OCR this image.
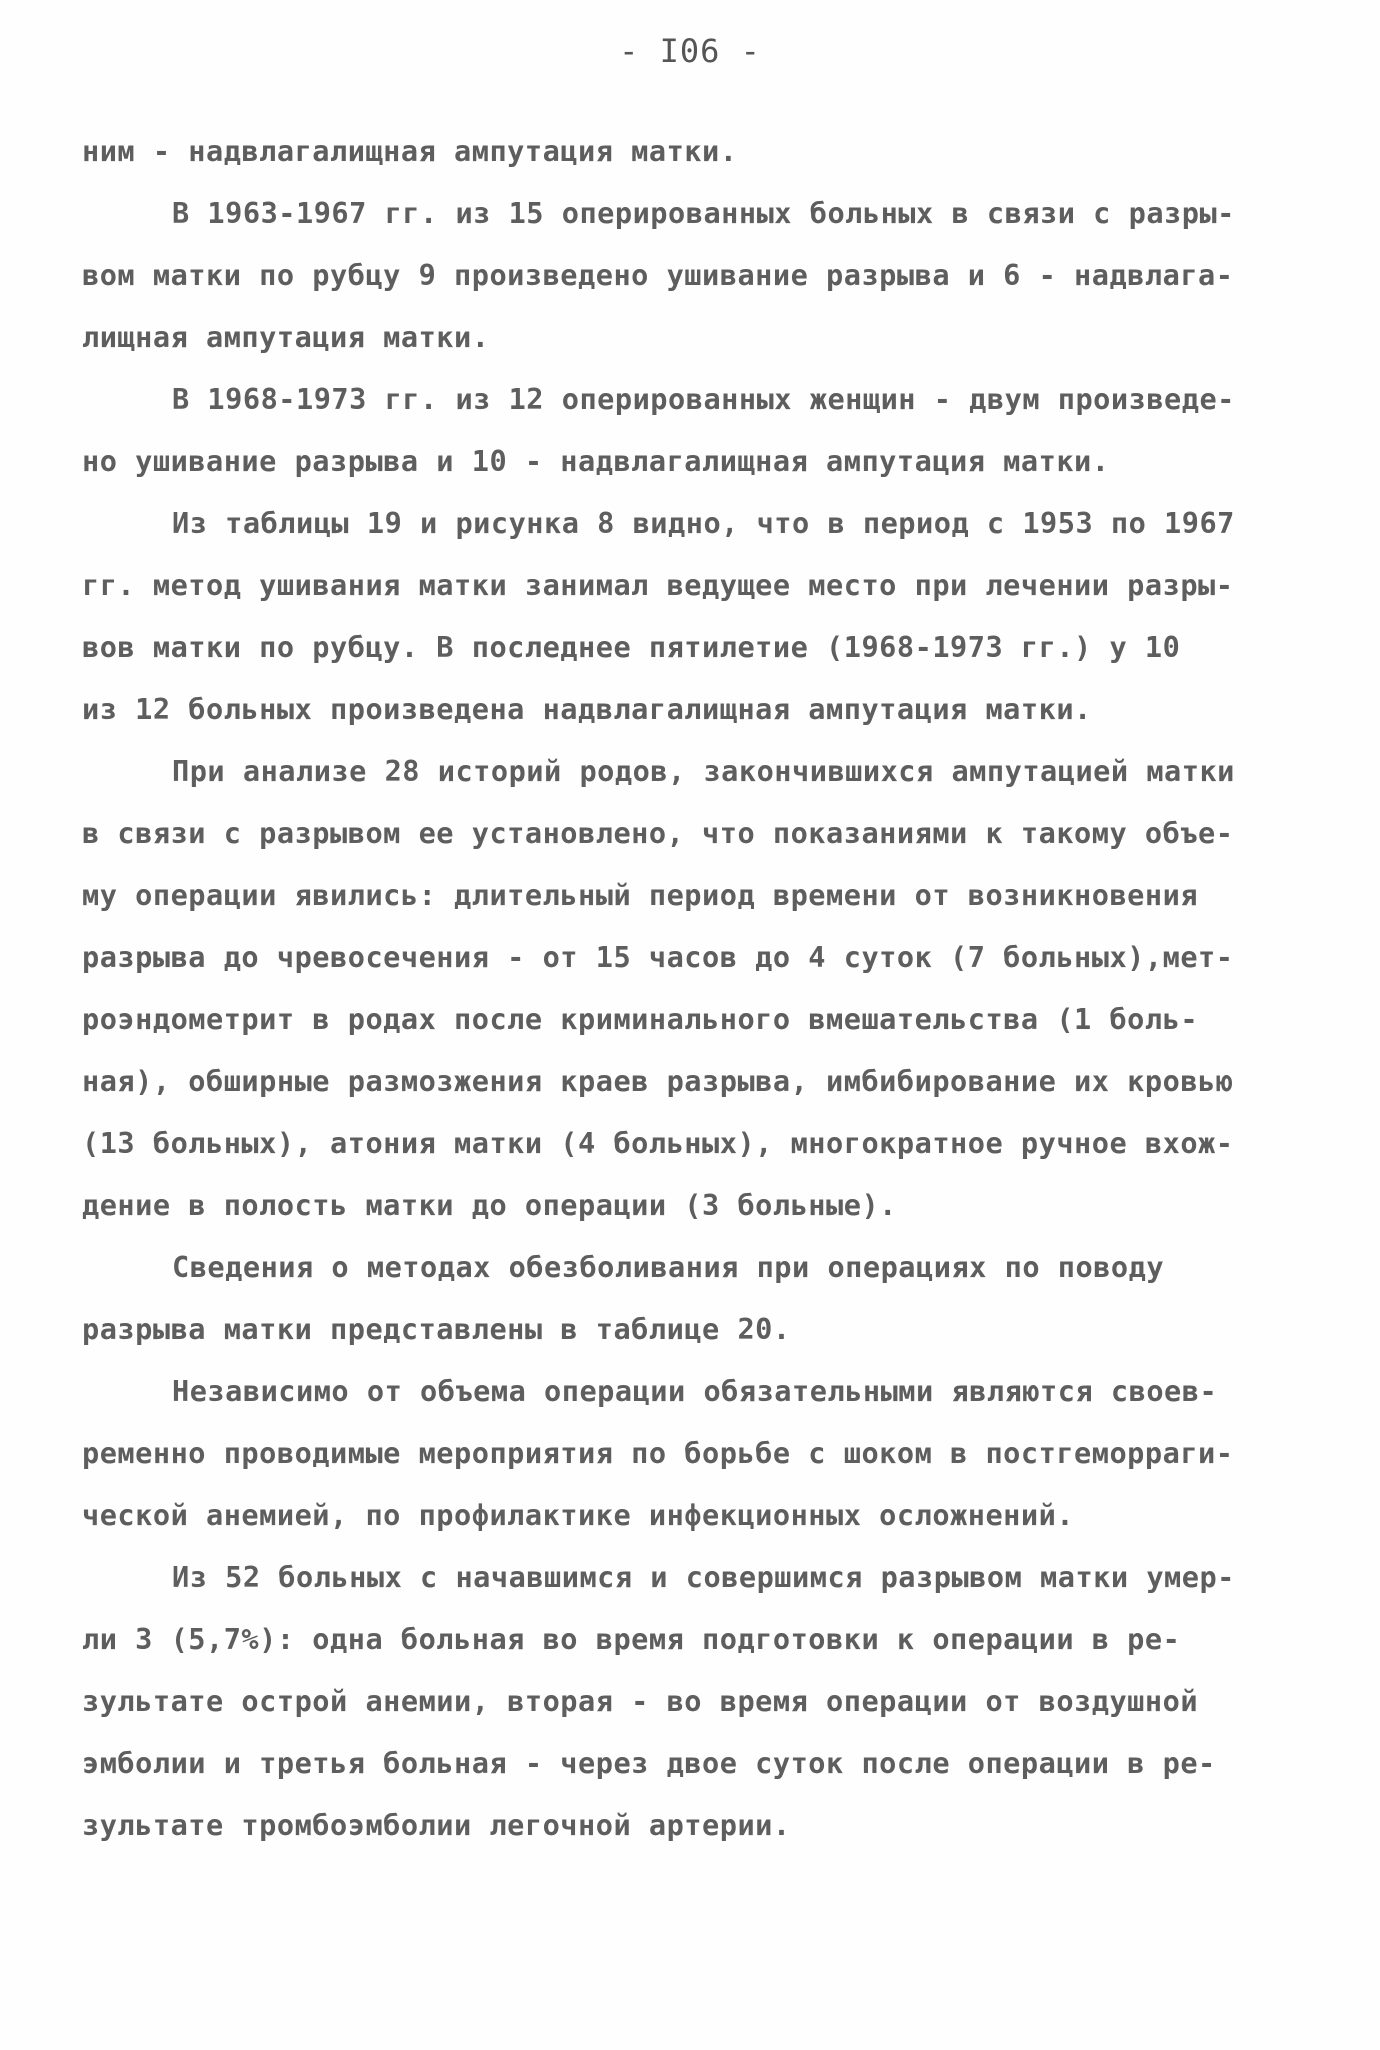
- I06 -
ним - надвлагалищная ампутация матки.
В 1963-1967 гг. из 15 оперированных больных в связи с разры-
вом матки по рубцу 9 произведено ушивание разрыва и 6 - надвлага-
лищная ампутация матки.
В 1968-1973 гг. из 12 оперированных женщин - двум произведе-
но ушивание разрыва и 10 - надвлагалищная ампутация матки.
Из таблицы 19 и рисунка 8 видно, что в период с 1953 по 1967
гг. метод ушивания матки занимал ведущее место при лечении разры-
вов матки по рубцу. В последнее пятилетие (1968-1973 гг.) у 10
из 12 больных произведена надвлагалищная ампутация матки.
При анализе 28 историй родов, закончившихся ампутацией матки
в связи с разрывом ее установлено, что показаниями к такому объе-
му операции явились: длительный период времени от возникновения
разрыва до чревосечения - от 15 часов до 4 суток (7 больных),мет-
роэндометрит в родах после криминального вмешательства (1 боль-
ная), обширные размозжения краев разрыва, имбибирование их кровью
(13 больных), атония матки (4 больных), многократное ручное вхож-
дение в полость матки до операции (3 больные).
Сведения о методах обезболивания при операциях по поводу
разрыва матки представлены в таблице 20.
Независимо от объема операции обязательными являются своев-
ременно проводимые мероприятия по борьбе с шоком в постгеморраги-
ческой анемией, по профилактике инфекционных осложнений.
Из 52 больных с начавшимся и совершимся разрывом матки умер-
ли 3 (5,7%): одна больная во время подготовки к операции в ре-
зультате острой анемии, вторая - во время операции от воздушной
эмболии и третья больная - через двое суток после операции в ре-
зультате тромбоэмболии легочной артерии.
